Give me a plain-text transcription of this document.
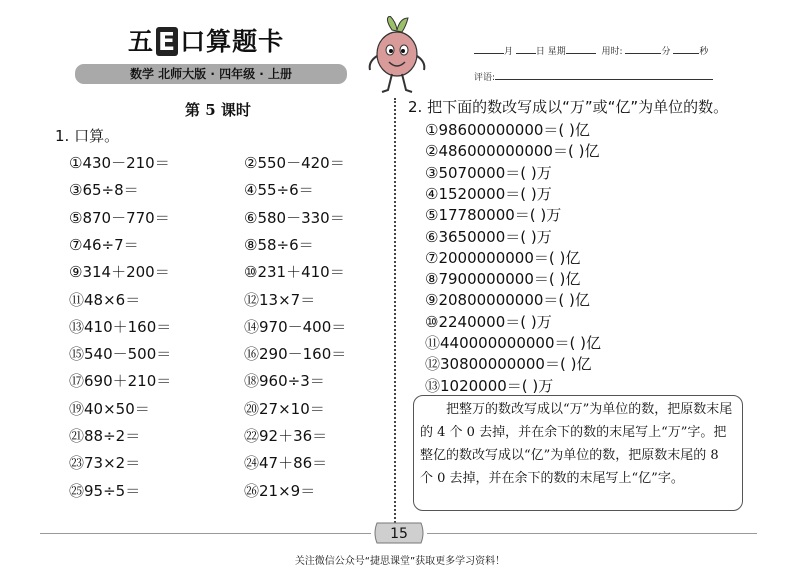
五 E 口算题卡
数学 北师大版 · 四年级 · 上册
月	日 星期	用时:	分	秒
评语:
第 5 课时
1. 口算。
①430－210＝	②550－420＝
③65÷8＝	④55÷6＝
⑤870－770＝	⑥580－330＝
⑦46÷7＝	⑧58÷6＝
⑨314＋200＝	⑩231＋410＝
⑪48×6＝	⑫13×7＝
⑬410＋160＝	⑭970－400＝
⑮540－500＝	⑯290－160＝
⑰690＋210＝	⑱960÷3＝
⑲40×50＝	⑳27×10＝
㉑88÷2＝	㉒92＋36＝
㉓73×2＝	㉔47＋86＝
㉕95÷5＝	㉖21×9＝
2. 把下面的数改写成以“万”或“亿”为单位的数。
①98600000000＝( )亿
②486000000000＝( )亿
③5070000＝( )万
④1520000＝( )万
⑤17780000＝( )万
⑥3650000＝( )万
⑦2000000000＝( )亿
⑧7900000000＝( )亿
⑨20800000000＝( )亿
⑩2240000＝( )万
⑪440000000000＝( )亿
⑫30800000000＝( )亿
⑬1020000＝( )万
把整万的数改写成以“万”为单位的数，把原数末尾的 4 个 0 去掉，并在余下的数的末尾写上“万”字。把整亿的数改写成以“亿”为单位的数，把原数末尾的 8 个 0 去掉，并在余下的数的末尾写上“亿”字。
15
关注微信公众号“捷思课堂”获取更多学习资料！
